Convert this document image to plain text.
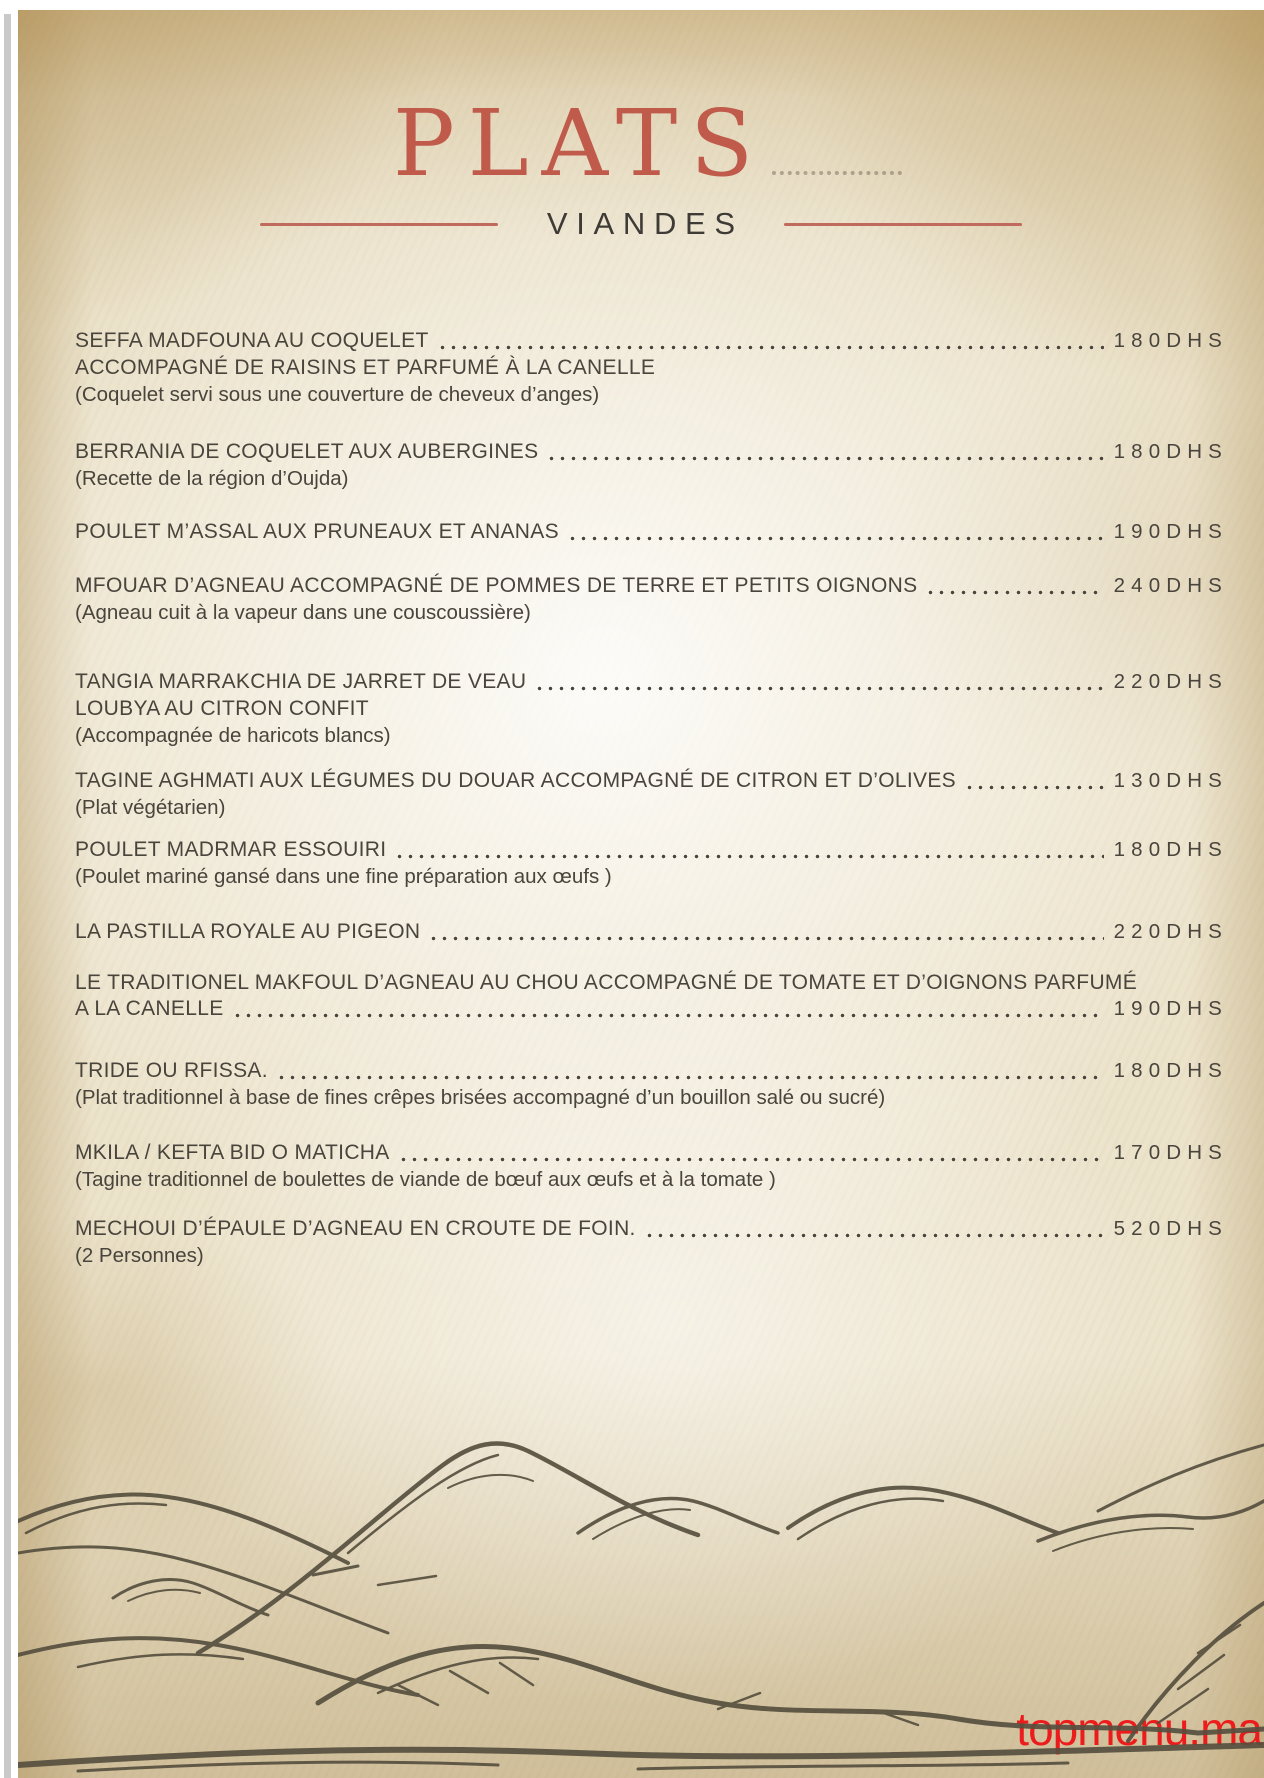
PLATS
VIANDES
SEFFA MADFOUNA AU COQUELET	180DHS
ACCOMPAGNÉ DE RAISINS ET PARFUMÉ À LA CANELLE
(Coquelet servi sous une couverture de cheveux d’anges)
BERRANIA DE COQUELET AUX AUBERGINES	180DHS
(Recette de la région d’Oujda)
POULET M’ASSAL AUX PRUNEAUX ET ANANAS	190DHS
MFOUAR D’AGNEAU ACCOMPAGNÉ DE POMMES DE TERRE ET PETITS OIGNONS	240DHS
(Agneau cuit à la vapeur dans une couscoussière)
TANGIA MARRAKCHIA DE JARRET DE VEAU	220DHS
LOUBYA AU CITRON CONFIT
(Accompagnée de haricots blancs)
TAGINE AGHMATI AUX LÉGUMES DU DOUAR ACCOMPAGNÉ DE CITRON ET D’OLIVES	130DHS
(Plat végétarien)
POULET MADRMAR ESSOUIRI	180DHS
(Poulet mariné gansé dans une fine préparation aux œufs )
LA PASTILLA ROYALE AU PIGEON	220DHS
LE TRADITIONEL MAKFOUL D’AGNEAU AU CHOU ACCOMPAGNÉ DE TOMATE ET D’OIGNONS PARFUMÉ
A LA CANELLE	190DHS
TRIDE OU RFISSA.	180DHS
(Plat traditionnel à base de fines crêpes brisées accompagné d’un bouillon salé ou sucré)
MKILA / KEFTA BID O MATICHA	170DHS
(Tagine traditionnel de boulettes de viande de bœuf aux œufs et à la tomate )
MECHOUI D’ÉPAULE D’AGNEAU EN CROUTE DE FOIN.	520DHS
(2 Personnes)
topmenu.ma
